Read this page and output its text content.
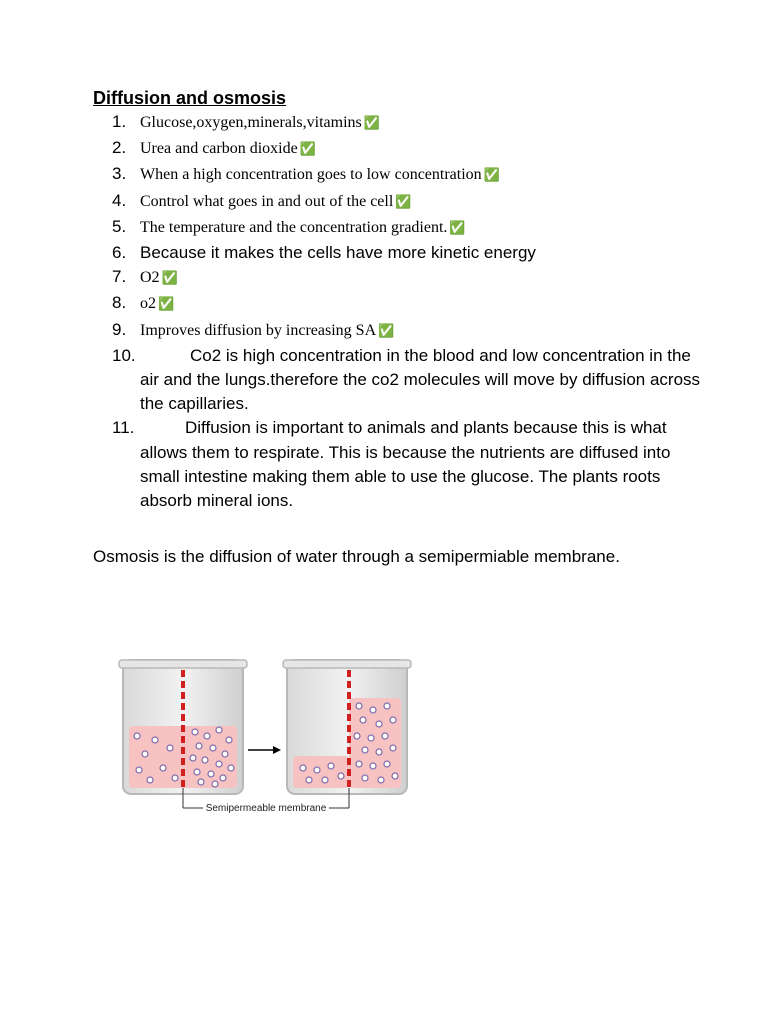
Diffusion and osmosis
1. Glucose,oxygen,minerals,vitamins ✅
2. Urea and carbon dioxide ✅
3. When a high concentration goes to low concentration ✅
4. Control what goes in and out of the cell ✅
5. The temperature and the concentration gradient. ✅
6. Because it makes the cells have more kinetic energy
7. O2 ✅
8. o2 ✅
9. Improves diffusion by increasing SA ✅
10.	Co2 is high concentration in the blood and low concentration in the air and the lungs.therefore the co2 molecules will move by diffusion across the capillaries.
11.	Diffusion is important to animals and plants because this is what allows them to respirate. This is because the nutrients are diffused into small intestine making them able to use the glucose. The plants roots absorb mineral ions.
Osmosis is the diffusion of water through a semipermiable membrane.
Semipermeable membrane
